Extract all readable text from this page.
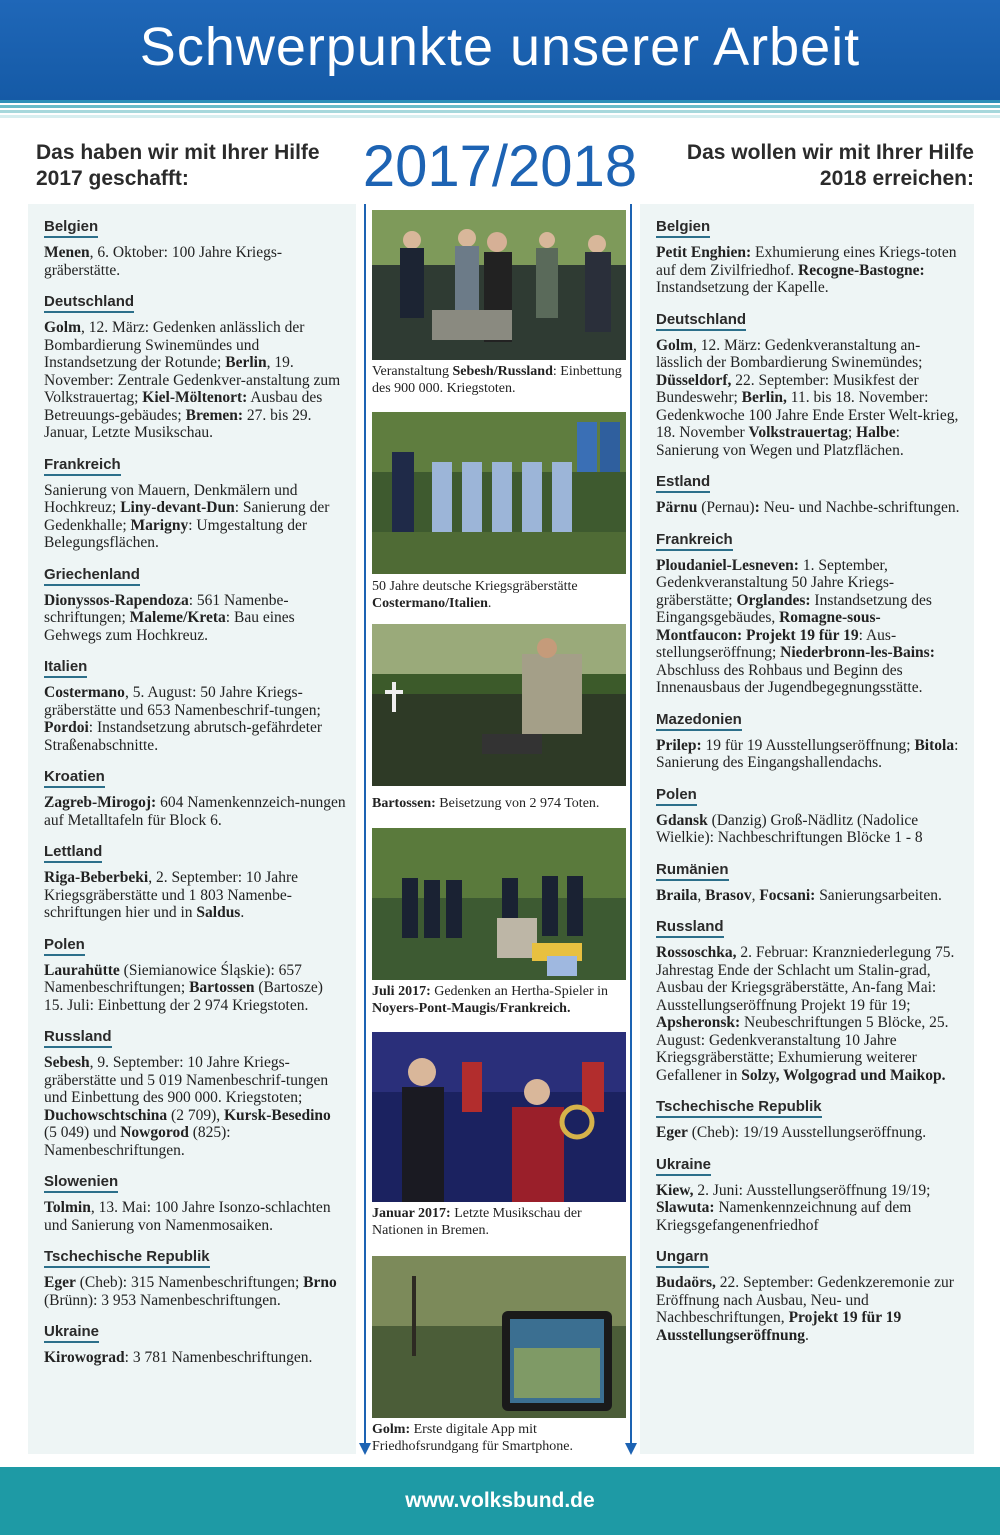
Schwerpunkte unserer Arbeit
Das haben wir mit Ihrer Hilfe 2017 geschafft:	2017/2018	Das wollen wir mit Ihrer Hilfe 2018 erreichen:
Belgien
Menen, 6. Oktober: 100 Jahre Kriegs-gräberstätte.
Deutschland
Golm, 12. März: Gedenken anlässlich der Bombardierung Swinemündes und Instandsetzung der Rotunde; Berlin, 19. November: Zentrale Gedenkver-anstaltung zum Volkstrauertag; Kiel-Möltenort: Ausbau des Betreuungs-gebäudes; Bremen: 27. bis 29. Januar, Letzte Musikschau.
Frankreich
Sanierung von Mauern, Denkmälern und Hochkreuz; Liny-devant-Dun: Sanierung der Gedenkhalle; Marigny: Umgestaltung der Belegungsflächen.
Griechenland
Dionyssos-Rapendoza: 561 Namenbe-schriftungen; Maleme/Kreta: Bau eines Gehwegs zum Hochkreuz.
Italien
Costermano, 5. August: 50 Jahre Kriegs-gräberstätte und 653 Namenbeschrif-tungen; Pordoi: Instandsetzung abrutsch-gefährdeter Straßenabschnitte.
Kroatien
Zagreb-Mirogoj: 604 Namenkennzeich-nungen auf Metalltafeln für Block 6.
Lettland
Riga-Beberbeki, 2. September: 10 Jahre Kriegsgräberstätte und 1 803 Namenbe-schriftungen hier und in Saldus.
Polen
Laurahütte (Siemianowice Śląskie): 657 Namenbeschriftungen; Bartossen (Bartosze) 15. Juli: Einbettung der 2 974 Kriegstoten.
Russland
Sebesh, 9. September: 10 Jahre Kriegs-gräberstätte und 5 019 Namenbeschrif-tungen und Einbettung des 900 000. Kriegstoten; Duchowschtschina (2 709), Kursk-Besedino (5 049) und Nowgorod (825): Namenbeschriftungen.
Slowenien
Tolmin, 13. Mai: 100 Jahre Isonzo-schlachten und Sanierung von Namenmosaiken.
Tschechische Republik
Eger (Cheb): 315 Namenbeschriftungen; Brno (Brünn): 3 953 Namenbeschriftungen.
Ukraine
Kirowograd: 3 781 Namenbeschriftungen.
Veranstaltung Sebesh/Russland: Einbettung des 900 000. Kriegstoten.
50 Jahre deutsche Kriegsgräberstätte Costermano/Italien.
Bartossen: Beisetzung von 2 974 Toten.
Juli 2017: Gedenken an Hertha-Spieler in Noyers-Pont-Maugis/Frankreich.
Januar 2017: Letzte Musikschau der Nationen in Bremen.
Golm: Erste digitale App mit Friedhofsrundgang für Smartphone.
Belgien
Petit Enghien: Exhumierung eines Kriegs-toten auf dem Zivilfriedhof. Recogne-Bastogne: Instandsetzung der Kapelle.
Deutschland
Golm, 12. März: Gedenkveranstaltung an-lässlich der Bombardierung Swinemündes; Düsseldorf, 22. September: Musikfest der Bundeswehr; Berlin, 11. bis 18. November: Gedenkwoche 100 Jahre Ende Erster Welt-krieg, 18. November Volkstrauertag; Halbe: Sanierung von Wegen und Platzflächen.
Estland
Pärnu (Pernau): Neu- und Nachbe-schriftungen.
Frankreich
Ploudaniel-Lesneven: 1. September, Gedenkveranstaltung 50 Jahre Kriegs-gräberstätte; Orglandes: Instandsetzung des Eingangsgebäudes, Romagne-sous-Montfaucon: Projekt 19 für 19: Aus-stellungseröffnung; Niederbronn-les-Bains: Abschluss des Rohbaus und Beginn des Innenausbaus der Jugendbegegnungsstätte.
Mazedonien
Prilep: 19 für 19 Ausstellungseröffnung; Bitola: Sanierung des Eingangshallendachs.
Polen
Gdansk (Danzig) Groß-Nädlitz (Nadolice Wielkie): Nachbeschriftungen Blöcke 1 - 8
Rumänien
Braila, Brasov, Focsani: Sanierungsarbeiten.
Russland
Rossoschka, 2. Februar: Kranzniederlegung 75. Jahrestag Ende der Schlacht um Stalin-grad, Ausbau der Kriegsgräberstätte, An-fang Mai: Ausstellungseröffnung Projekt 19 für 19; Apsheronsk: Neubeschriftungen 5 Blöcke, 25. August: Gedenkveranstaltung 10 Jahre Kriegsgräberstätte; Exhumierung weiterer Gefallener in Solzy, Wolgograd und Maikop.
Tschechische Republik
Eger (Cheb): 19/19 Ausstellungseröffnung.
Ukraine
Kiew, 2. Juni: Ausstellungseröffnung 19/19; Slawuta: Namenkennzeichnung auf dem Kriegsgefangenenfriedhof
Ungarn
Budaörs, 22. September: Gedenkzeremonie zur Eröffnung nach Ausbau, Neu- und Nachbeschriftungen, Projekt 19 für 19 Ausstellungseröffnung.
www.volksbund.de
